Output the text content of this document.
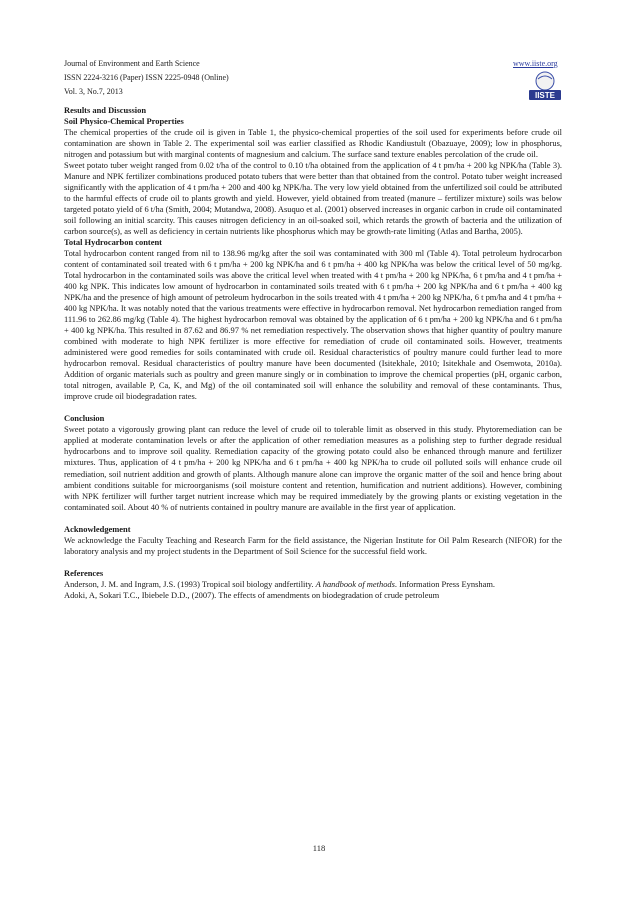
Journal of Environment and Earth Science
ISSN 2224-3216 (Paper) ISSN 2225-0948 (Online)
Vol. 3, No.7, 2013
www.iiste.org
IISTE

Results and Discussion

Soil Physico-Chemical Properties

The chemical properties of the crude oil is given in Table 1, the physico-chemical properties of the soil used for experiments before crude oil contamination are shown in Table 2. The experimental soil was earlier classified as Rhodic Kandiustult (Obazuaye, 2009); low in phosphorus, nitrogen and potassium but with marginal contents of magnesium and calcium. The surface sand texture enables percolation of the crude oil.

Sweet potato tuber weight ranged from 0.02 t/ha of the control to 0.10 t/ha obtained from the application of 4 t pm/ha + 200 kg NPK/ha (Table 3). Manure and NPK fertilizer combinations produced potato tubers that were better than that obtained from the control. Potato tuber weight increased significantly with the application of 4 t pm/ha + 200 and 400 kg NPK/ha. The very low yield obtained from the unfertilized soil could be attributed to the harmful effects of crude oil to plants growth and yield. However, yield obtained from treated (manure – fertilizer mixture) soils was below targeted potato yield of 6 t/ha (Smith, 2004; Mutandwa, 2008). Asuquo et al. (2001) observed increases in organic carbon in crude oil contaminated soil following an initial scarcity. This causes nitrogen deficiency in an oil-soaked soil, which retards the growth of bacteria and the utilization of carbon source(s), as well as deficiency in certain nutrients like phosphorus which may be growth-rate limiting (Atlas and Bartha, 2005).

Total Hydrocarbon content

Total hydrocarbon content ranged from nil to 138.96 mg/kg after the soil was contaminated with 300 ml (Table 4). Total petroleum hydrocarbon content of contaminated soil treated with 6 t pm/ha + 200 kg NPK/ha and 6 t pm/ha + 400 kg NPK/ha was below the critical level of 50 mg/kg. Total hydrocarbon in the contaminated soils was above the critical level when treated with 4 t pm/ha + 200 kg NPK/ha, 6 t pm/ha and 4 t pm/ha + 400 kg NPK. This indicates low amount of hydrocarbon in contaminated soils treated with 6 t pm/ha + 200 kg NPK/ha and 6 t pm/ha + 400 kg NPK/ha and the presence of high amount of petroleum hydrocarbon in the soils treated with 4 t pm/ha + 200 kg NPK/ha, 6 t pm/ha and 4 t pm/ha + 400 kg NPK/ha. It was notably noted that the various treatments were effective in hydrocarbon removal. Net hydrocarbon remediation ranged from 111.96 to 262.86 mg/kg (Table 4). The highest hydrocarbon removal was obtained by the application of 6 t pm/ha + 200 kg NPK/ha and 6 t pm/ha + 400 kg NPK/ha. This resulted in 87.62 and 86.97 % net remediation respectively. The observation shows that higher quantity of poultry manure combined with moderate to high NPK fertilizer is more effective for remediation of crude oil contaminated soils. However, treatments administered were good remedies for soils contaminated with crude oil. Residual characteristics of poultry manure could further lead to more hydrocarbon removal. Residual characteristics of poultry manure have been documented (Isitekhale, 2010; Isitekhale and Osemwota, 2010a). Addition of organic materials such as poultry and green manure singly or in combination to improve the chemical properties (pH, organic carbon, total nitrogen, available P, Ca, K, and Mg) of the oil contaminated soil will enhance the solubility and removal of these contaminants. Thus, improve crude oil biodegradation rates.

Conclusion

Sweet potato a vigorously growing plant can reduce the level of crude oil to tolerable limit as observed in this study. Phytoremediation can be applied at moderate contamination levels or after the application of other remediation measures as a polishing step to further degrade residual hydrocarbons and to improve soil quality. Remediation capacity of the growing potato could also be enhanced through manure and fertilizer mixtures. Thus, application of 4 t pm/ha + 200 kg NPK/ha and 6 t pm/ha + 400 kg NPK/ha to crude oil polluted soils will enhance crude oil remediation, soil nutrient addition and growth of plants. Although manure alone can improve the organic matter of the soil and hence bring about ambient conditions suitable for microorganisms (soil moisture content and retention, humification and nutrient additions). However, combining with NPK fertilizer will further target nutrient increase which may be required immediately by the growing plants or existing vegetation in the contaminated soil. About 40 % of nutrients contained in poultry manure are available in the first year of application.

Acknowledgement

We acknowledge the Faculty Teaching and Research Farm for the field assistance, the Nigerian Institute for Oil Palm Research (NIFOR) for the laboratory analysis and my project students in the Department of Soil Science for the successful field work.

References

Anderson, J. M. and Ingram, J.S. (1993) Tropical soil biology andfertility. A handbook of methods. Information Press Eynsham.

Adoki, A, Sokari T.C., Ibiebele D.D., (2007). The effects of amendments on biodegradation of crude petroleum

118
